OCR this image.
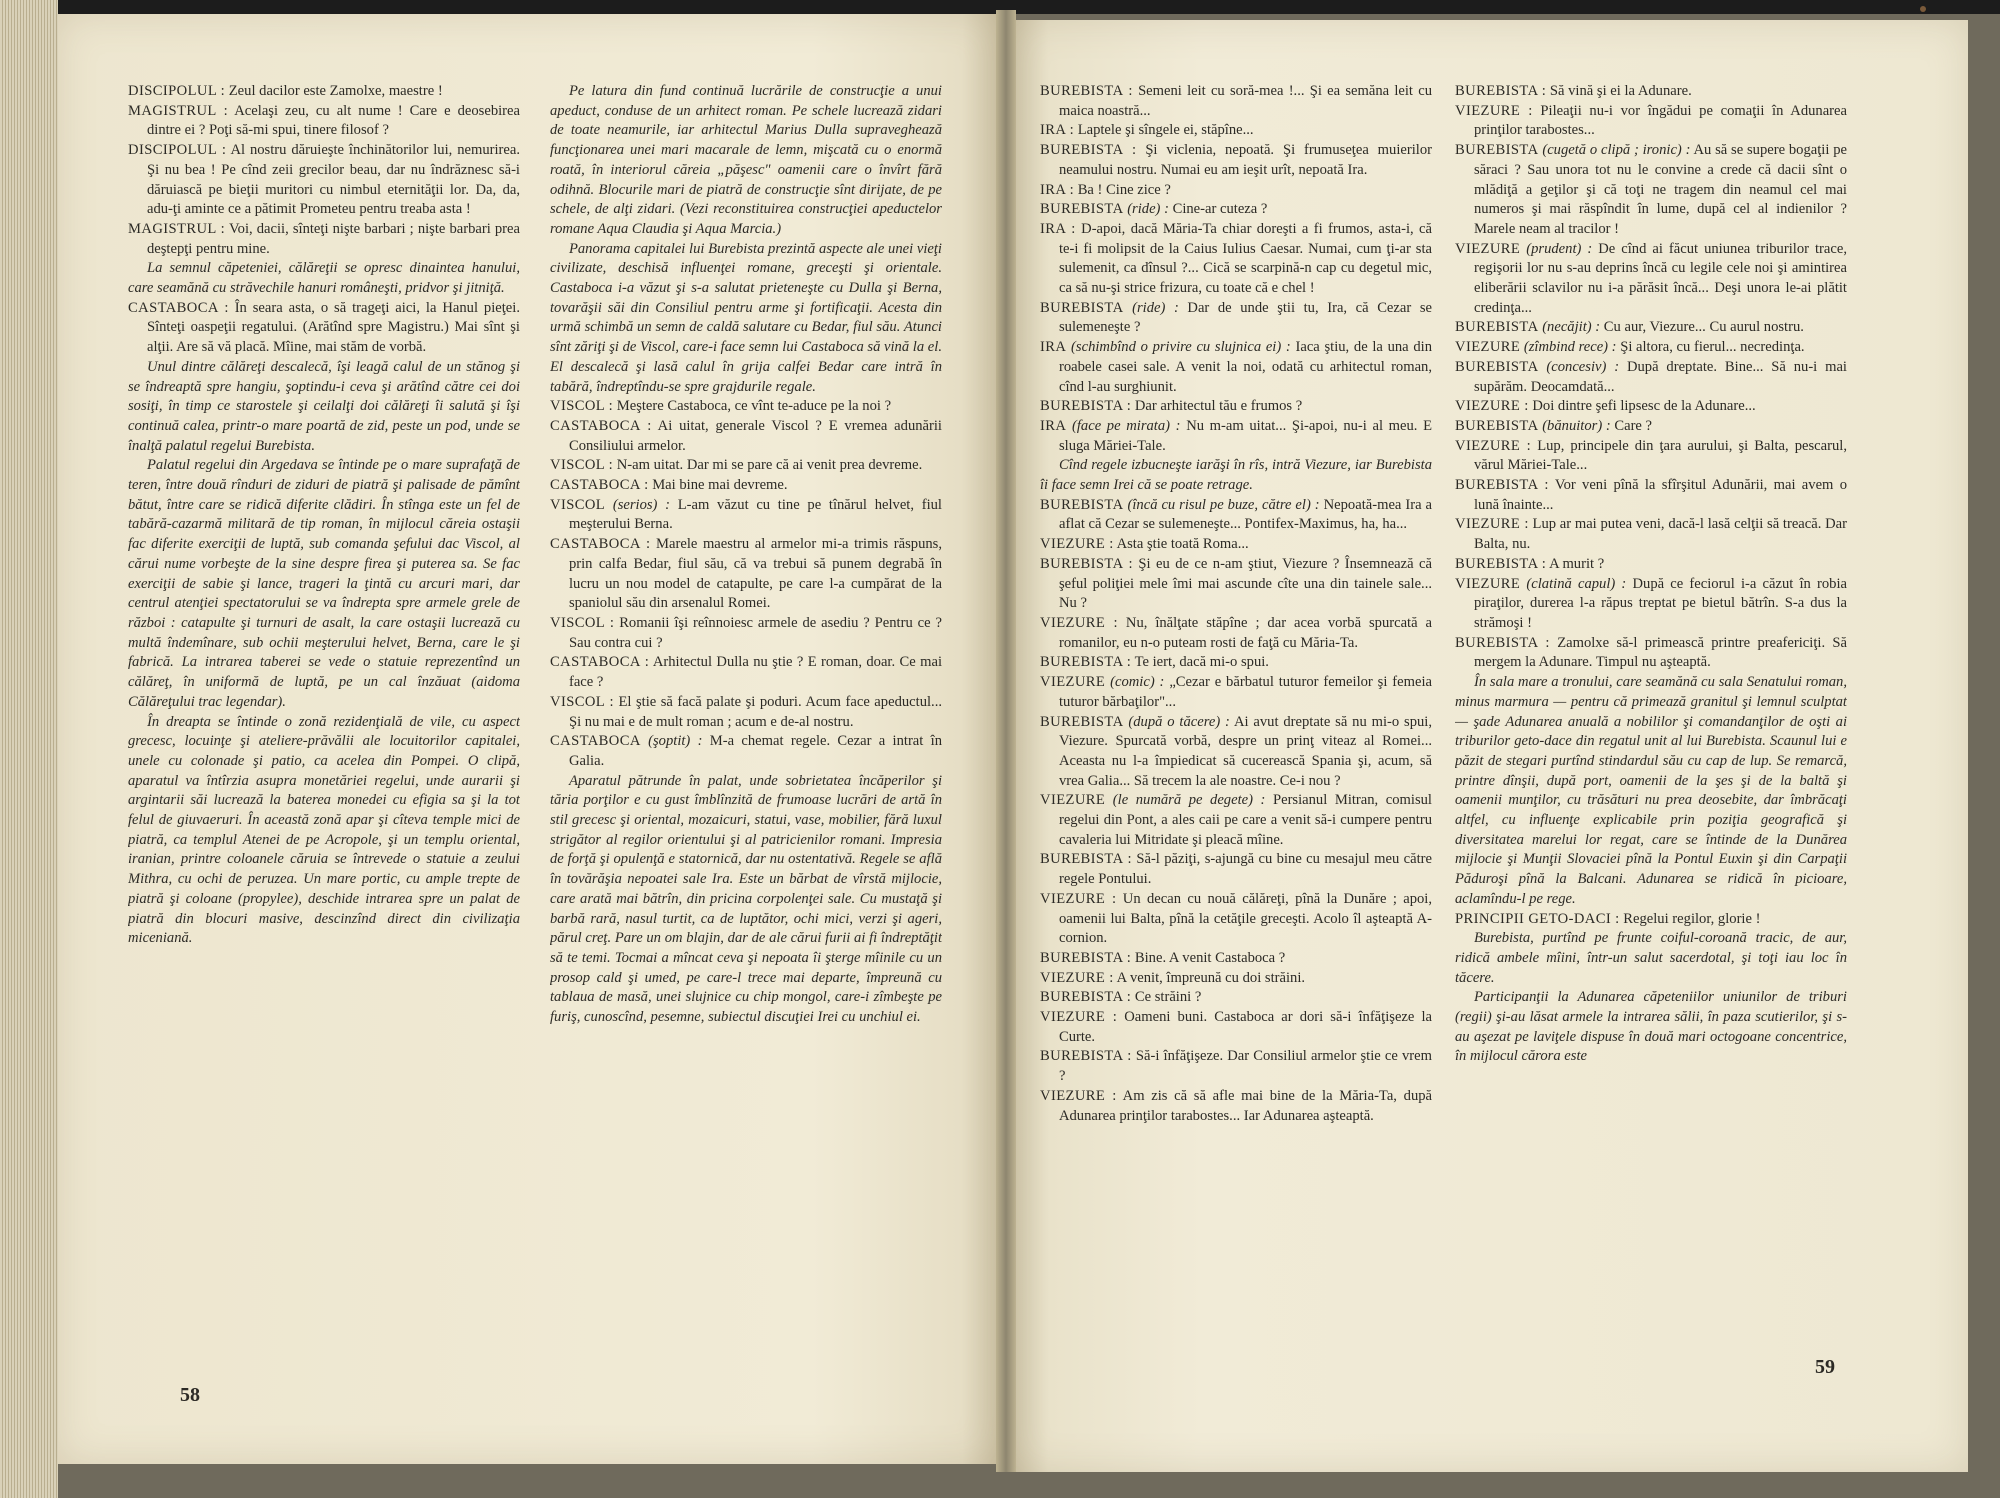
DISCIPOLUL : Zeul dacilor este Zamolxe, maestre !

MAGISTRUL : Acelaşi zeu, cu alt nume ! Care e deosebirea dintre ei ? Poţi să-mi spui, tinere filosof ?

DISCIPOLUL : Al nostru dăruieşte închinătorilor lui, nemurirea. Şi nu bea ! Pe cînd zeii grecilor beau, dar nu îndrăznesc să-i dăruiască pe bieţii muritori cu nimbul eternităţii lor. Da, da, adu-ţi aminte ce a pătimit Prometeu pentru treaba asta !

MAGISTRUL : Voi, dacii, sînteţi nişte barbari ; nişte barbari prea deştepţi pentru mine.

La semnul căpeteniei, călăreţii se opresc dinaintea hanului, care seamănă cu străvechile hanuri româneşti, pridvor şi jitniţă.

CASTABOCA : În seara asta, o să trageţi aici, la Hanul pieţei. Sînteţi oaspeţii regatului. (Arătînd spre Magistru.) Mai sînt şi alţii. Are să vă placă. Mîine, mai stăm de vorbă.

Unul dintre călăreţi descalecă, îşi leagă calul de un stănog şi se îndreaptă spre hangiu, şoptindu-i ceva şi arătînd către cei doi sosiţi, în timp ce starostele şi ceilalţi doi călăreţi îi salută şi îşi continuă calea, printr-o mare poartă de zid, peste un pod, unde se înalţă palatul regelui Burebista.

Palatul regelui din Argedava se întinde pe o mare suprafaţă de teren, între două rînduri de ziduri de piatră şi palisade de pămînt bătut, între care se ridică diferite clădiri. În stînga este un fel de tabără-cazarmă militară de tip roman, în mijlocul căreia ostaşii fac diferite exerciţii de luptă, sub comanda şefului dac Viscol, al cărui nume vorbeşte de la sine despre firea şi puterea sa. Se fac exerciţii de sabie şi lance, trageri la ţintă cu arcuri mari, dar centrul atenţiei spectatorului se va îndrepta spre armele grele de război : catapulte şi turnuri de asalt, la care ostaşii lucrează cu multă îndemînare, sub ochii meşterului helvet, Berna, care le şi fabrică. La intrarea taberei se vede o statuie reprezentînd un călăreţ, în uniformă de luptă, pe un cal înzăuat (aidoma Călăreţului trac legendar).

În dreapta se întinde o zonă rezidenţială de vile, cu aspect grecesc, locuinţe şi ateliere-prăvălii ale locuitorilor capitalei, unele cu colonade şi patio, ca acelea din Pompei. O clipă, aparatul va întîrzia asupra monetăriei regelui, unde aurarii şi argintarii săi lucrează la baterea monedei cu efigia sa şi la tot felul de giuvaeruri. În această zonă apar şi cîteva temple mici de piatră, ca templul Atenei de pe Acropole, şi un templu oriental, iranian, printre coloanele căruia se întrevede o statuie a zeului Mithra, cu ochi de peruzea. Un mare portic, cu ample trepte de piatră şi coloane (propylee), deschide intrarea spre un palat de piatră din blocuri masive, descinzînd direct din civilizaţia miceniană.

Pe latura din fund continuă lucrările de construcţie a unui apeduct, conduse de un arhitect roman. Pe schele lucrează zidari de toate neamurile, iar arhitectul Marius Dulla supraveghează funcţionarea unei mari macarale de lemn, mişcată cu o enormă roată, în interiorul căreia „păşesc" oamenii care o învîrt fără odihnă. Blocurile mari de piatră de construcţie sînt dirijate, de pe schele, de alţi zidari. (Vezi reconstituirea construcţiei apeductelor romane Aqua Claudia şi Aqua Marcia.)

Panorama capitalei lui Burebista prezintă aspecte ale unei vieţi civilizate, deschisă influenţei romane, greceşti şi orientale. Castaboca i-a văzut şi s-a salutat prieteneşte cu Dulla şi Berna, tovarăşii săi din Consiliul pentru arme şi fortificaţii. Acesta din urmă schimbă un semn de caldă salutare cu Bedar, fiul său. Atunci sînt zăriţi şi de Viscol, care-i face semn lui Castaboca să vină la el. El descalecă şi lasă calul în grija calfei Bedar care intră în tabără, îndreptîndu-se spre grajdurile regale.

VISCOL : Meştere Castaboca, ce vînt te-aduce pe la noi ?

CASTABOCA : Ai uitat, generale Viscol ? E vremea adunării Consiliului armelor.

VISCOL : N-am uitat. Dar mi se pare că ai venit prea devreme.

CASTABOCA : Mai bine mai devreme.

VISCOL (serios) : L-am văzut cu tine pe tînărul helvet, fiul meşterului Berna.

CASTABOCA : Marele maestru al armelor mi-a trimis răspuns, prin calfa Bedar, fiul său, că va trebui să punem degrabă în lucru un nou model de catapulte, pe care l-a cumpărat de la spaniolul său din arsenalul Romei.

VISCOL : Romanii îşi reînnoiesc armele de asediu ? Pentru ce ? Sau contra cui ?

CASTABOCA : Arhitectul Dulla nu ştie ? E roman, doar. Ce mai face ?

VISCOL : El ştie să facă palate şi poduri. Acum face apeductul... Şi nu mai e de mult roman ; acum e de-al nostru.

CASTABOCA (şoptit) : M-a chemat regele. Cezar a intrat în Galia.

Aparatul pătrunde în palat, unde sobrietatea încăperilor şi tăria porţilor e cu gust îmblînzită de frumoase lucrări de artă în stil grecesc şi oriental, mozaicuri, statui, vase, mobilier, fără luxul strigător al regilor orientului şi al patricienilor romani. Impresia de forţă şi opulenţă e statornică, dar nu ostentativă. Regele se află în tovărăşia nepoatei sale Ira. Este un bărbat de vîrstă mijlocie, care arată mai bătrîn, din pricina corpolenţei sale. Cu mustaţă şi barbă rară, nasul turtit, ca de luptător, ochi mici, verzi şi ageri, părul creţ. Pare un om blajin, dar de ale cărui furii ai fi îndreptăţit să te temi. Tocmai a mîncat ceva şi nepoata îi şterge mîinile cu un prosop cald şi umed, pe care-l trece mai departe, împreună cu tablaua de masă, unei slujnice cu chip mongol, care-i zîmbeşte pe furiş, cunoscînd, pesemne, subiectul discuţiei Irei cu unchiul ei.

BUREBISTA : Semeni leit cu soră-mea !... Şi ea semăna leit cu maica noastră...

IRA : Laptele şi sîngele ei, stăpîne...

BUREBISTA : Şi viclenia, nepoată. Şi frumuseţea muierilor neamului nostru. Numai eu am ieşit urît, nepoată Ira.

IRA : Ba ! Cine zice ?

BUREBISTA (ride) : Cine-ar cuteza ?

IRA : D-apoi, dacă Măria-Ta chiar doreşti a fi frumos, asta-i, că te-i fi molipsit de la Caius Iulius Caesar. Numai, cum ţi-ar sta sulemenit, ca dînsul ?... Cică se scarpină-n cap cu degetul mic, ca să nu-şi strice frizura, cu toate că e chel !

BUREBISTA (ride) : Dar de unde ştii tu, Ira, că Cezar se sulemeneşte ?

IRA (schimbînd o privire cu slujnica ei) : Iaca ştiu, de la una din roabele casei sale. A venit la noi, odată cu arhitectul roman, cînd l-au surghiunit.

BUREBISTA : Dar arhitectul tău e frumos ?

IRA (face pe mirata) : Nu m-am uitat... Şi-apoi, nu-i al meu. E sluga Măriei-Tale.

Cînd regele izbucneşte iarăşi în rîs, intră Viezure, iar Burebista îi face semn Irei că se poate retrage.

BUREBISTA (încă cu risul pe buze, către el) : Nepoată-mea Ira a aflat că Cezar se sulemeneşte... Pontifex-Maximus, ha, ha...

VIEZURE : Asta ştie toată Roma...

BUREBISTA : Şi eu de ce n-am ştiut, Viezure ? Însemnează că şeful poliţiei mele îmi mai ascunde cîte una din tainele sale... Nu ?

VIEZURE : Nu, înălţate stăpîne ; dar acea vorbă spurcată a romanilor, eu n-o puteam rosti de faţă cu Măria-Ta.

BUREBISTA : Te iert, dacă mi-o spui.

VIEZURE (comic) : „Cezar e bărbatul tuturor femeilor şi femeia tuturor bărbaţilor"...

BUREBISTA (după o tăcere) : Ai avut dreptate să nu mi-o spui, Viezure. Spurcată vorbă, despre un prinţ viteaz al Romei... Aceasta nu l-a împiedicat să cucerească Spania şi, acum, să vrea Galia... Să trecem la ale noastre. Ce-i nou ?

VIEZURE (le numără pe degete) : Persianul Mitran, comisul regelui din Pont, a ales caii pe care a venit să-i cumpere pentru cavaleria lui Mitridate şi pleacă mîine.

BUREBISTA : Să-l păziţi, s-ajungă cu bine cu mesajul meu către regele Pontului.

VIEZURE : Un decan cu nouă călăreţi, pînă la Dunăre ; apoi, oamenii lui Balta, pînă la cetăţile greceşti. Acolo îl aşteaptă A-cornion.

BUREBISTA : Bine. A venit Castaboca ?

VIEZURE : A venit, împreună cu doi străini.

BUREBISTA : Ce străini ?

VIEZURE : Oameni buni. Castaboca ar dori să-i înfăţişeze la Curte.

BUREBISTA : Să-i înfăţişeze. Dar Consiliul armelor ştie ce vrem ?

VIEZURE : Am zis că să afle mai bine de la Măria-Ta, după Adunarea prinţilor tarabostes... Iar Adunarea aşteaptă.

BUREBISTA : Să vină şi ei la Adunare.

VIEZURE : Pileaţii nu-i vor îngădui pe comaţii în Adunarea prinţilor tarabostes...

BUREBISTA (cugetă o clipă ; ironic) : Au să se supere bogaţii pe săraci ? Sau unora tot nu le convine a crede că dacii sînt o mlădiţă a geţilor şi că toţi ne tragem din neamul cel mai numeros şi mai răspîndit în lume, după cel al indienilor ? Marele neam al tracilor !

VIEZURE (prudent) : De cînd ai făcut uniunea triburilor trace, regişorii lor nu s-au deprins încă cu legile cele noi şi amintirea eliberării sclavilor nu i-a părăsit încă... Deşi unora le-ai plătit credinţa...

BUREBISTA (necăjit) : Cu aur, Viezure... Cu aurul nostru.

VIEZURE (zîmbind rece) : Şi altora, cu fierul... necredinţa.

BUREBISTA (concesiv) : După dreptate. Bine... Să nu-i mai supărăm. Deocamdată...

VIEZURE : Doi dintre şefi lipsesc de la Adunare...

BUREBISTA (bănuitor) : Care ?

VIEZURE : Lup, principele din ţara aurului, şi Balta, pescarul, vărul Măriei-Tale...

BUREBISTA : Vor veni pînă la sfîrşitul Adunării, mai avem o lună înainte...

VIEZURE : Lup ar mai putea veni, dacă-l lasă celţii să treacă. Dar Balta, nu.

BUREBISTA : A murit ?

VIEZURE (clatină capul) : După ce feciorul i-a căzut în robia piraţilor, durerea l-a răpus treptat pe bietul bătrîn. S-a dus la strămoşi !

BUREBISTA : Zamolxe să-l primească printre preafericiţi. Să mergem la Adunare. Timpul nu aşteaptă.

În sala mare a tronului, care seamănă cu sala Senatului roman, minus marmura — pentru că primează granitul şi lemnul sculptat — şade Adunarea anuală a nobililor şi comandanţilor de oşti ai triburilor geto-dace din regatul unit al lui Burebista. Scaunul lui e păzit de stegari purtînd stindardul său cu cap de lup. Se remarcă, printre dînşii, după port, oamenii de la şes şi de la baltă şi oamenii munţilor, cu trăsături nu prea deosebite, dar îmbrăcaţi altfel, cu influenţe explicabile prin poziţia geografică şi diversitatea marelui lor regat, care se întinde de la Dunărea mijlocie şi Munţii Slovaciei pînă la Pontul Euxin şi din Carpaţii Păduroşi pînă la Balcani. Adunarea se ridică în picioare, aclamîndu-l pe rege.

PRINCIPII GETO-DACI : Regelui regilor, glorie !

Burebista, purtînd pe frunte coiful-coroană tracic, de aur, ridică ambele mîini, într-un salut sacerdotal, şi toţi iau loc în tăcere.

Participanţii la Adunarea căpeteniilor uniunilor de triburi (regii) şi-au lăsat armele la intrarea sălii, în paza scutierilor, şi s-au aşezat pe laviţele dispuse în două mari octogoane concentrice, în mijlocul cărora este

58
59
